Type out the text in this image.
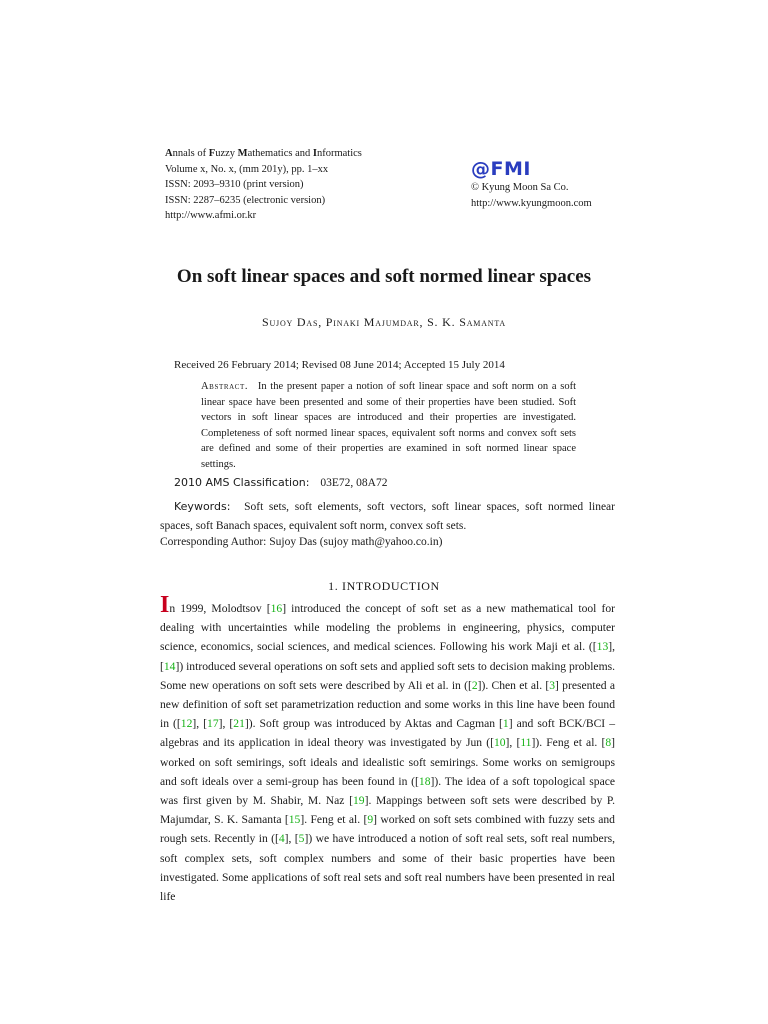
Annals of Fuzzy Mathematics and Informatics
Volume x, No. x, (mm 201y), pp. 1–xx
ISSN: 2093–9310 (print version)
ISSN: 2287–6235 (electronic version)
http://www.afmi.or.kr
@FMI
© Kyung Moon Sa Co.
http://www.kyungmoon.com
On soft linear spaces and soft normed linear spaces
Sujoy Das, Pinaki Majumdar, S. K. Samanta
Received 26 February 2014; Revised 08 June 2014; Accepted 15 July 2014
Abstract. In the present paper a notion of soft linear space and soft norm on a soft linear space have been presented and some of their properties have been studied. Soft vectors in soft linear spaces are introduced and their properties are investigated. Completeness of soft normed linear spaces, equivalent soft norms and convex soft sets are defined and some of their properties are examined in soft normed linear space settings.
2010 AMS Classification: 03E72, 08A72
Keywords: Soft sets, soft elements, soft vectors, soft linear spaces, soft normed linear spaces, soft Banach spaces, equivalent soft norm, convex soft sets.
Corresponding Author: Sujoy Das (sujoy math@yahoo.co.in)
1. INTRODUCTION
In 1999, Molodtsov [16] introduced the concept of soft set as a new mathematical tool for dealing with uncertainties while modeling the problems in engineering, physics, computer science, economics, social sciences, and medical sciences. Following his work Maji et al. ([13], [14]) introduced several operations on soft sets and applied soft sets to decision making problems. Some new operations on soft sets were described by Ali et al. in ([2]). Chen et al. [3] presented a new definition of soft set parametrization reduction and some works in this line have been found in ([12], [17], [21]). Soft group was introduced by Aktas and Cagman [1] and soft BCK/BCI – algebras and its application in ideal theory was investigated by Jun ([10], [11]). Feng et al. [8] worked on soft semirings, soft ideals and idealistic soft semirings. Some works on semigroups and soft ideals over a semi-group has been found in ([18]). The idea of a soft topological space was first given by M. Shabir, M. Naz [19]. Mappings between soft sets were described by P. Majumdar, S. K. Samanta [15]. Feng et al. [9] worked on soft sets combined with fuzzy sets and rough sets. Recently in ([4], [5]) we have introduced a notion of soft real sets, soft real numbers, soft complex sets, soft complex numbers and some of their basic properties have been investigated. Some applications of soft real sets and soft real numbers have been presented in real life
